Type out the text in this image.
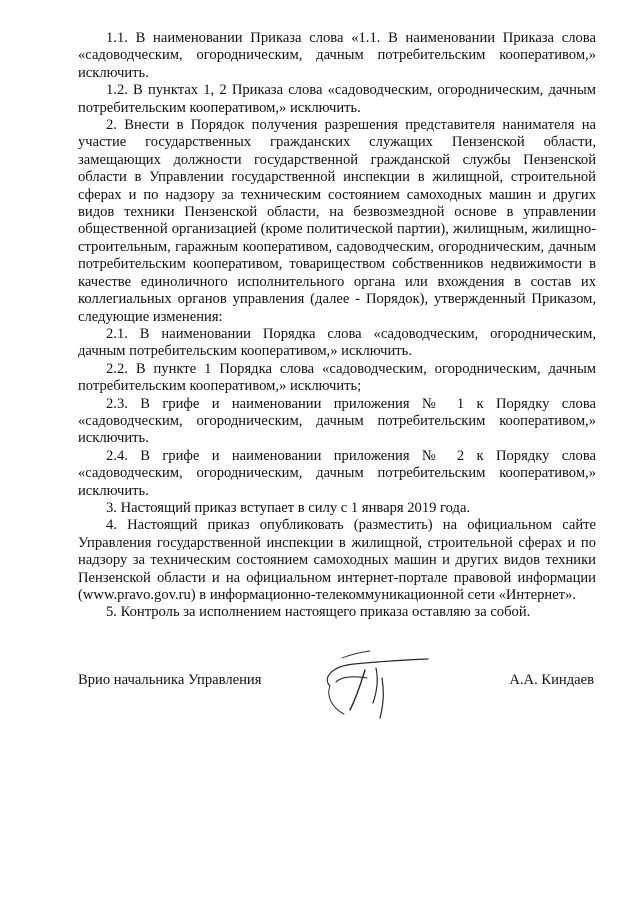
1.1. В наименовании Приказа слова «1.1. В наименовании Приказа слова «садоводческим, огородническим, дачным потребительским кооперативом,» исключить.

1.2. В пунктах 1, 2 Приказа слова «садоводческим, огородническим, дачным потребительским кооперативом,» исключить.

2. Внести в Порядок получения разрешения представителя нанимателя на участие государственных гражданских служащих Пензенской области, замещающих должности государственной гражданской службы Пензенской области в Управлении государственной инспекции в жилищной, строительной сферах и по надзору за техническим состоянием самоходных машин и других видов техники Пензенской области, на безвозмездной основе в управлении общественной организацией (кроме политической партии), жилищным, жилищно-строительным, гаражным кооперативом, садоводческим, огородническим, дачным потребительским кооперативом, товариществом собственников недвижимости в качестве единоличного исполнительного органа или вхождения в состав их коллегиальных органов управления (далее - Порядок), утвержденный Приказом, следующие изменения:

2.1. В наименовании Порядка слова «садоводческим, огородническим, дачным потребительским кооперативом,» исключить.

2.2. В пункте 1 Порядка слова «садоводческим, огородническим, дачным потребительским кооперативом,» исключить;

2.3. В грифе и наименовании приложения № 1 к Порядку слова «садоводческим, огородническим, дачным потребительским кооперативом,» исключить.

2.4. В грифе и наименовании приложения № 2 к Порядку слова «садоводческим, огородническим, дачным потребительским кооперативом,» исключить.

3. Настоящий приказ вступает в силу с 1 января 2019 года.

4. Настоящий приказ опубликовать (разместить) на официальном сайте Управления государственной инспекции в жилищной, строительной сферах и по надзору за техническим состоянием самоходных машин и других видов техники Пензенской области и на официальном интернет-портале правовой информации (www.pravo.gov.ru) в информационно-телекоммуникационной сети «Интернет».

5. Контроль за исполнением настоящего приказа оставляю за собой.

Врио начальника Управления	А.А. Киндаев
